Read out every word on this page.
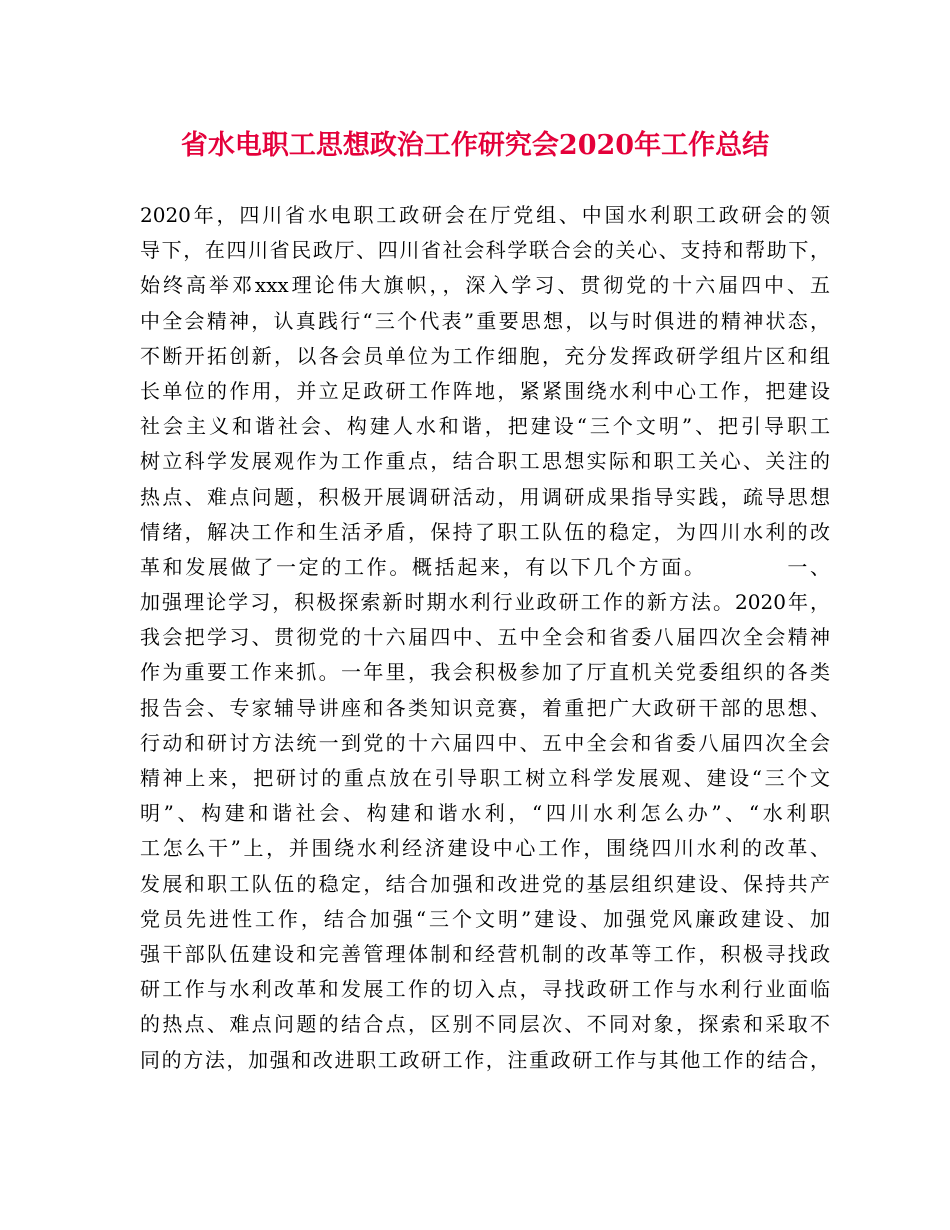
省水电职工思想政治工作研究会2020年工作总结
2020年，四川省水电职工政研会在厅党组、中国水利职工政研会的领
导下，在四川省民政厅、四川省社会科学联合会的关心、支持和帮助下，
始终高举邓xxx理论伟大旗帜，，深入学习、贯彻党的十六届四中、五
中全会精神，认真践行“三个代表”重要思想，以与时俱进的精神状态，
不断开拓创新，以各会员单位为工作细胞，充分发挥政研学组片区和组
长单位的作用，并立足政研工作阵地，紧紧围绕水利中心工作，把建设
社会主义和谐社会、构建人水和谐，把建设“三个文明”、把引导职工
树立科学发展观作为工作重点，结合职工思想实际和职工关心、关注的
热点、难点问题，积极开展调研活动，用调研成果指导实践，疏导思想
情绪，解决工作和生活矛盾，保持了职工队伍的稳定，为四川水利的改
革和发展做了一定的工作。概括起来，有以下几个方面。　　　　一、
加强理论学习，积极探索新时期水利行业政研工作的新方法。2020年，
我会把学习、贯彻党的十六届四中、五中全会和省委八届四次全会精神
作为重要工作来抓。一年里，我会积极参加了厅直机关党委组织的各类
报告会、专家辅导讲座和各类知识竞赛，着重把广大政研干部的思想、
行动和研讨方法统一到党的十六届四中、五中全会和省委八届四次全会
精神上来，把研讨的重点放在引导职工树立科学发展观、建设“三个文
明”、构建和谐社会、构建和谐水利，“四川水利怎么办”、“水利职
工怎么干”上，并围绕水利经济建设中心工作，围绕四川水利的改革、
发展和职工队伍的稳定，结合加强和改进党的基层组织建设、保持共产
党员先进性工作，结合加强“三个文明”建设、加强党风廉政建设、加
强干部队伍建设和完善管理体制和经营机制的改革等工作，积极寻找政
研工作与水利改革和发展工作的切入点，寻找政研工作与水利行业面临
的热点、难点问题的结合点，区别不同层次、不同对象，探索和采取不
同的方法，加强和改进职工政研工作，注重政研工作与其他工作的结合，
